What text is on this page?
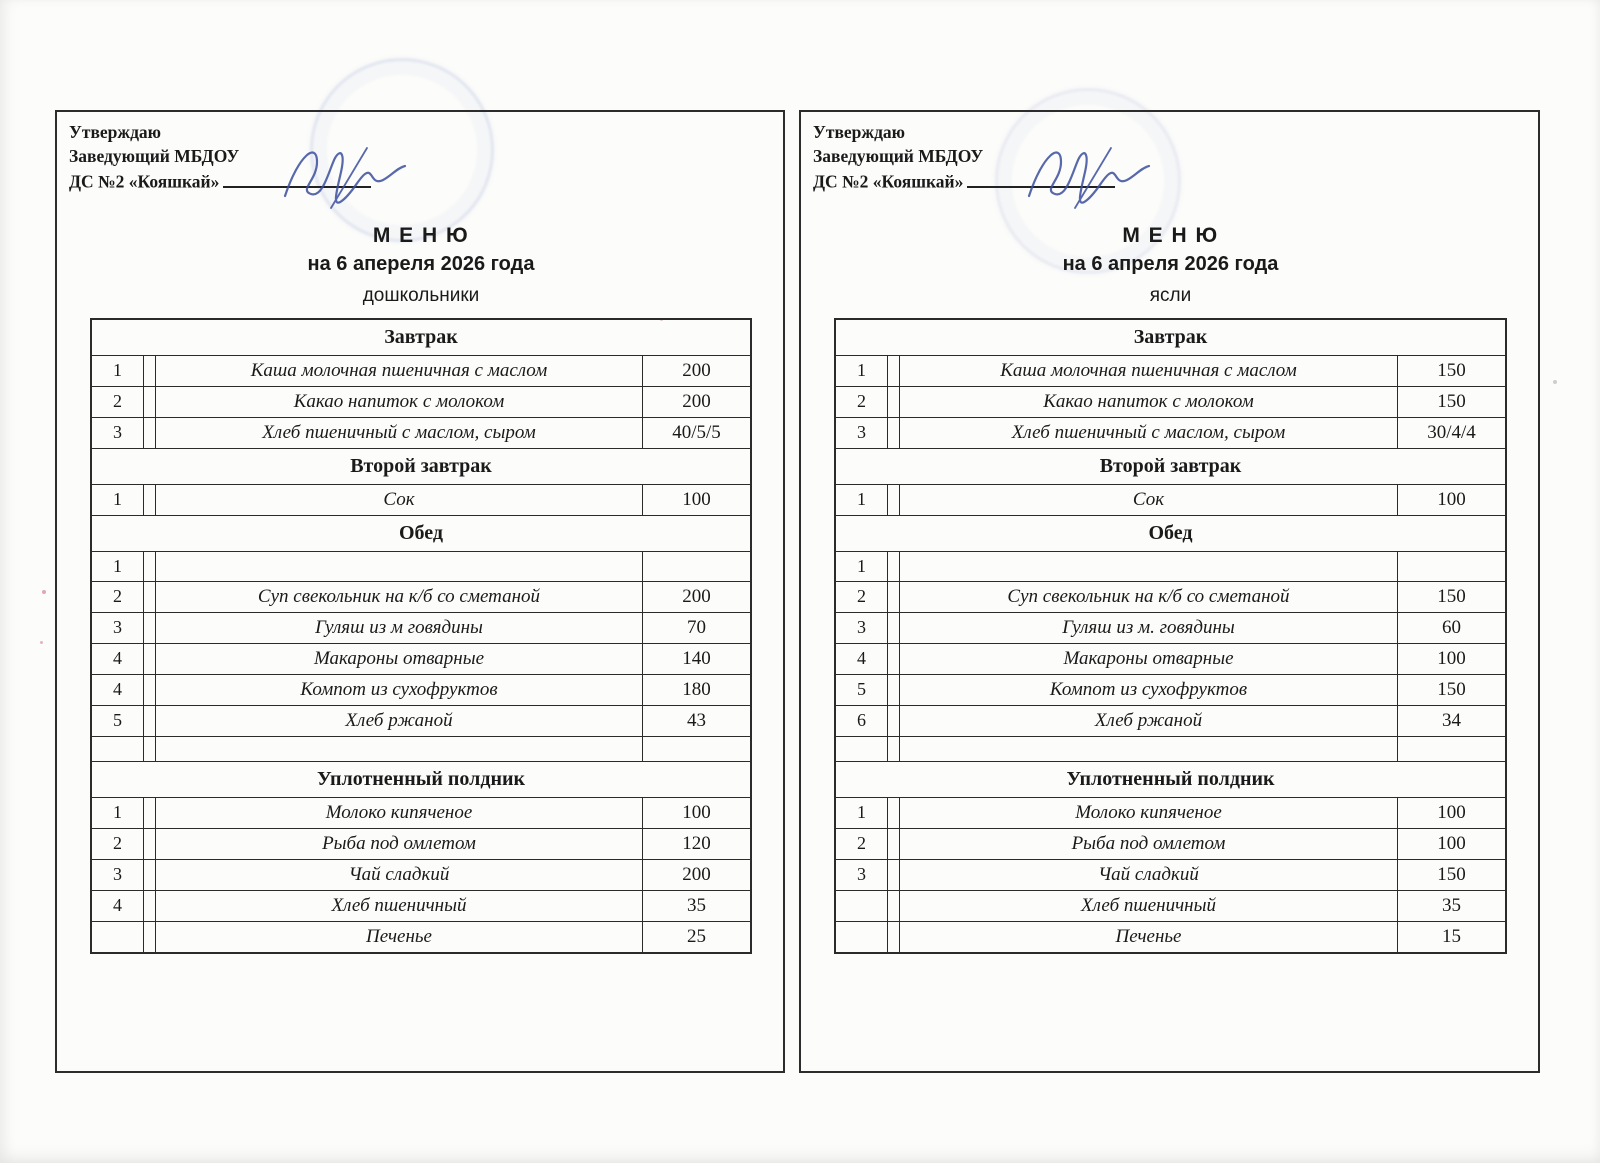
Утверждаю
Заведующий МБДОУ
ДС №2 «Кояшкай»
М Е Н Ю
на 6 апереля 2026 года
дошкольники
Завтрак
1	Каша молочная пшеничная с маслом	200
2	Какао напиток с молоком	200
3	Хлеб пшеничный с маслом, сыром	40/5/5
Второй завтрак
1	Сок	100
Обед
1
2	Суп свекольник на к/б со сметаной	200
3	Гуляш из м говядины	70
4	Макароны отварные	140
4	Компот из сухофруктов	180
5	Хлеб ржаной	43
Уплотненный полдник
1	Молоко кипяченое	100
2	Рыба под омлетом	120
3	Чай сладкий	200
4	Хлеб пшеничный	35
Печенье	25
Утверждаю
Заведующий МБДОУ
ДС №2 «Кояшкай»
М Е Н Ю
на 6 апреля 2026 года
ясли
Завтрак
1	Каша молочная пшеничная с маслом	150
2	Какао напиток с молоком	150
3	Хлеб пшеничный с маслом, сыром	30/4/4
Второй завтрак
1	Сок	100
Обед
1
2	Суп свекольник на к/б со сметаной	150
3	Гуляш из м. говядины	60
4	Макароны отварные	100
5	Компот из сухофруктов	150
6	Хлеб ржаной	34
Уплотненный полдник
1	Молоко кипяченое	100
2	Рыба под омлетом	100
3	Чай сладкий	150
Хлеб пшеничный	35
Печенье	15
